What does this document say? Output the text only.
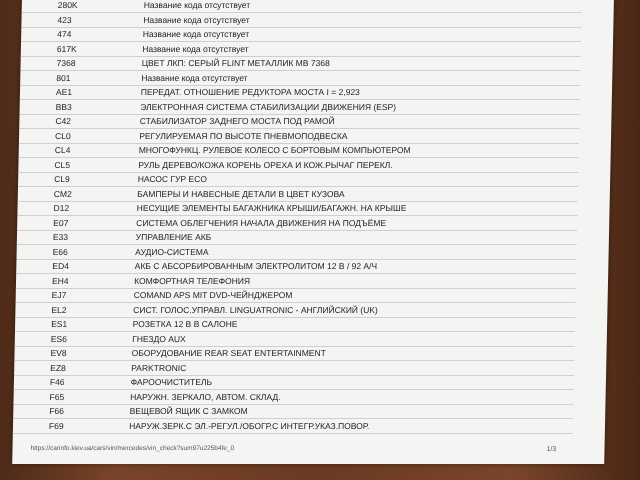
280K	Название кода отсутствует
423	Название кода отсутствует
474	Название кода отсутствует
617K	Название кода отсутствует
7368	ЦВЕТ ЛКП: СЕРЫЙ FLINT МЕТАЛЛИК MB 7368
801	Название кода отсутствует
AE1	ПЕРЕДАТ. ОТНОШЕНИЕ РЕДУКТОРА МОСТА I = 2,923
BB3	ЭЛЕКТРОННАЯ СИСТЕМА СТАБИЛИЗАЦИИ ДВИЖЕНИЯ (ESP)
C42	СТАБИЛИЗАТОР ЗАДНЕГО МОСТА ПОД РАМОЙ
CL0	РЕГУЛИРУЕМАЯ ПО ВЫСОТЕ ПНЕВМОПОДВЕСКА
CL4	МНОГОФУНКЦ. РУЛЕВОЕ КОЛЕСО С БОРТОВЫМ КОМПЬЮТЕРОМ
CL5	РУЛЬ ДЕРЕВО/КОЖА КОРЕНЬ ОРЕХА И КОЖ.РЫЧАГ ПЕРЕКЛ.
CL9	НАСОС ГУР ECO
CM2	БАМПЕРЫ И НАВЕСНЫЕ ДЕТАЛИ В ЦВЕТ КУЗОВА
D12	НЕСУЩИЕ ЭЛЕМЕНТЫ БАГАЖНИКА КРЫШИ/БАГАЖН. НА КРЫШЕ
E07	СИСТЕМА ОБЛЕГЧЕНИЯ НАЧАЛА ДВИЖЕНИЯ НА ПОДЪЁМЕ
E33	УПРАВЛЕНИЕ АКБ
E66	АУДИО-СИСТЕМА
ED4	АКБ С АБСОРБИРОВАННЫМ ЭЛЕКТРОЛИТОМ 12 В / 92 А/Ч
EH4	КОМФОРТНАЯ ТЕЛЕФОНИЯ
EJ7	COMAND APS MIT DVD-ЧЕЙНДЖЕРОМ
EL2	СИСТ. ГОЛОС.УПРАВЛ. LINGUATRONIC - АНГЛИЙСКИЙ (UK)
ES1	РОЗЕТКА 12 В В САЛОНЕ
ES6	ГНЕЗДО AUX
EV8	ОБОРУДОВАНИЕ REAR SEAT ENTERTAINMENT
EZ8	PARKTRONIC
F46	ФАРООЧИСТИТЕЛЬ
F65	НАРУЖН. ЗЕРКАЛО, АВТОМ. СКЛАД.
F66	ВЕЩЕВОЙ ЯЩИК С ЗАМКОМ
F69	НАРУЖ.ЗЕРК.С ЭЛ.-РЕГУЛ./ОБОГР.С ИНТЕГР.УКАЗ.ПОВОР.
https://carinfo.kiev.ua/cars/vin/mercedes/vin_check?sum97u225b4fe_0	1/3
